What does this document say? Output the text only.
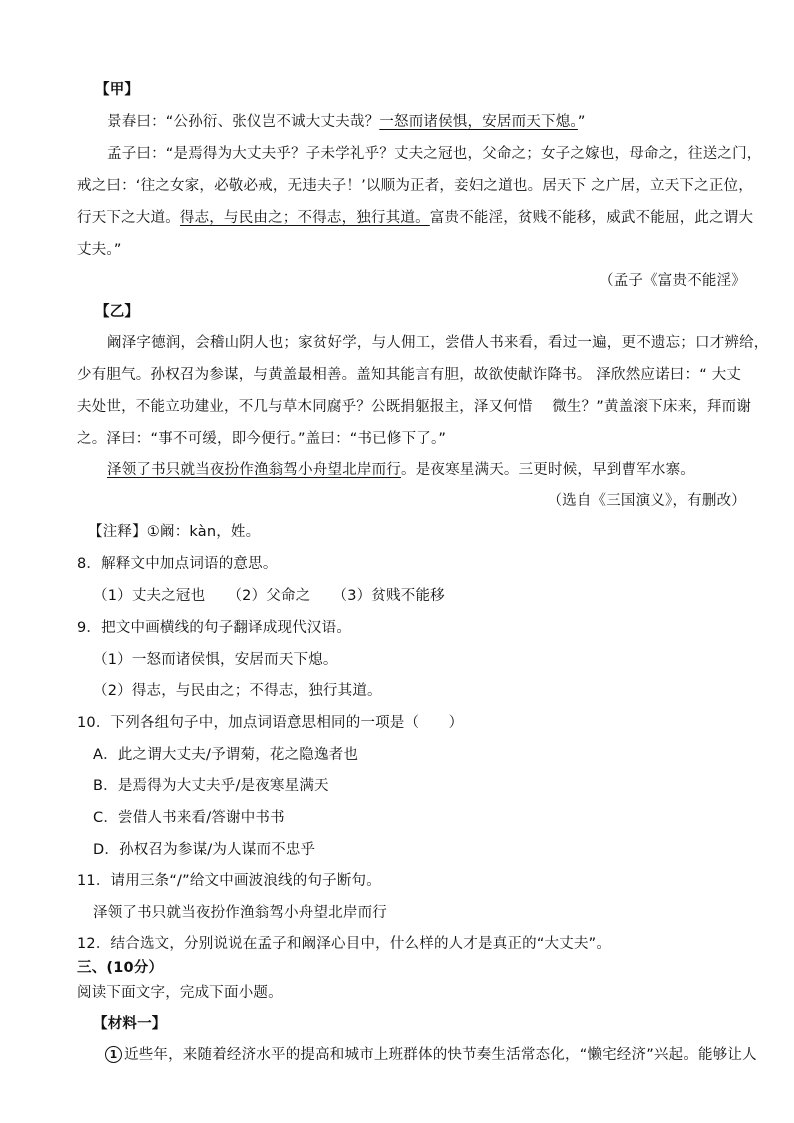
【甲】
景春曰：“公孙衍、张仪岂不诚大丈夫哉？一怒而诸侯惧，安居而天下熄。”
孟子曰：“是焉得为大丈夫乎？子未学礼乎？丈夫之冠也，父命之；女子之嫁也，母命之，往送之门，
戒之曰：‘往之女家，必敬必戒，无违夫子！’以顺为正者，妾妇之道也。居天下 之广居，立天下之正位，
行天下之大道。得志，与民由之；不得志，独行其道。富贵不能淫，贫贱不能移，威武不能屈，此之谓大
丈夫。”
（孟子《富贵不能淫》
【乙】
阚泽字德润，会稽山阴人也；家贫好学，与人佣工，尝借人书来看，看过一遍，更不遗忘；口才辨给，
少有胆气。孙权召为参谋，与黄盖最相善。盖知其能言有胆，故欲使献诈降书。 泽欣然应诺曰：“ 大丈
夫处世，不能立功建业，不几与草木同腐乎？公既捐躯报主，泽又何惜　 微生？”黄盖滚下床来，拜而谢
之。泽曰：“事不可缓，即今便行。”盖曰：“书已修下了。”
泽领了书只就当夜扮作渔翁驾小舟望北岸而行。是夜寒星满天。三更时候，早到曹军水寨。
（选自《三国演义》，有删改）
【注释】①阚：kàn，姓。
8．解释文中加点词语的意思。
（1）丈夫之冠也　　（2）父命之　　（3）贫贱不能移
9．把文中画横线的句子翻译成现代汉语。
（1）一怒而诸侯惧，安居而天下熄。
（2）得志，与民由之；不得志，独行其道。
10．下列各组句子中，加点词语意思相同的一项是（　　）
A．此之谓大丈夫/予谓菊，花之隐逸者也
B．是焉得为大丈夫乎/是夜寒星满天
C．尝借人书来看/答谢中书书
D．孙权召为参谋/为人谋而不忠乎
11．请用三条“/”给文中画波浪线的句子断句。
泽领了书只就当夜扮作渔翁驾小舟望北岸而行
12．结合选文，分别说说在孟子和阚泽心目中，什么样的人才是真正的“大丈夫”。
三、(10分）
阅读下面文字，完成下面小题。
【材料一】
1 近些年，来随着经济水平的提高和城市上班群体的快节奏生活常态化，“懒宅经济”兴起。能够让人
